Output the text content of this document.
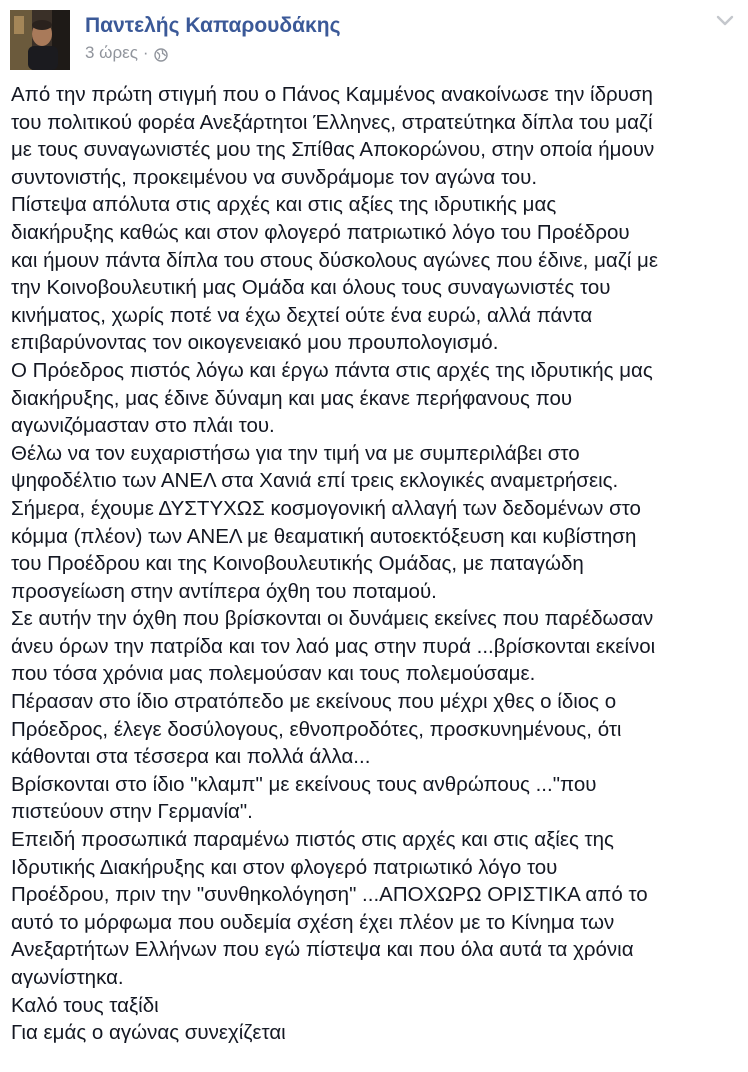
Παντελής Καπαρουδάκης
3 ώρες ·

Από την πρώτη στιγμή που ο Πάνος Καμμένος ανακοίνωσε την ίδρυση

του πολιτικού φορέα Ανεξάρτητοι Έλληνες, στρατεύτηκα δίπλα του μαζί

με τους συναγωνιστές μου της Σπίθας Αποκορώνου, στην οποία ήμουν

συντονιστής, προκειμένου να συνδράμομε τον αγώνα του.

Πίστεψα απόλυτα στις αρχές και στις αξίες της ιδρυτικής μας

διακήρυξης καθώς και στον φλογερό πατριωτικό λόγο του Προέδρου

και ήμουν πάντα δίπλα του στους δύσκολους αγώνες που έδινε, μαζί με

την Κοινοβουλευτική μας Ομάδα και όλους τους συναγωνιστές του

κινήματος, χωρίς ποτέ να έχω δεχτεί ούτε ένα ευρώ, αλλά πάντα

επιβαρύνοντας τον οικογενειακό μου προυπολογισμό.

Ο Πρόεδρος πιστός λόγω και έργω πάντα στις αρχές της ιδρυτικής μας

διακήρυξης, μας έδινε δύναμη και μας έκανε περήφανους που

αγωνιζόμασταν στο πλάι του.

Θέλω να τον ευχαριστήσω για την τιμή να με συμπεριλάβει στο

ψηφοδέλτιο των ΑΝΕΛ στα Χανιά επί τρεις εκλογικές αναμετρήσεις.

Σήμερα, έχουμε ΔΥΣΤΥΧΩΣ κοσμογονική αλλαγή των δεδομένων στο

κόμμα (πλέον) των ΑΝΕΛ με θεαματική αυτοεκτόξευση και κυβίστηση

του Προέδρου και της Κοινοβουλευτικής Ομάδας, με παταγώδη

προσγείωση στην αντίπερα όχθη του ποταμού.

Σε αυτήν την όχθη που βρίσκονται οι δυνάμεις εκείνες που παρέδωσαν

άνευ όρων την πατρίδα και τον λαό μας στην πυρά ...βρίσκονται εκείνοι

που τόσα χρόνια μας πολεμούσαν και τους πολεμούσαμε.

Πέρασαν στο ίδιο στρατόπεδο με εκείνους που μέχρι χθες ο ίδιος ο

Πρόεδρος, έλεγε δοσύλογους, εθνοπροδότες, προσκυνημένους, ότι

κάθονται στα τέσσερα και πολλά άλλα...

Βρίσκονται στο ίδιο "κλαμπ" με εκείνους τους ανθρώπους ..."που

πιστεύουν στην Γερμανία".

Επειδή προσωπικά παραμένω πιστός στις αρχές και στις αξίες της

Ιδρυτικής Διακήρυξης και στον φλογερό πατριωτικό λόγο του

Προέδρου, πριν την "συνθηκολόγηση" ...ΑΠΟΧΩΡΩ ΟΡΙΣΤΙΚΑ από το

αυτό το μόρφωμα που ουδεμία σχέση έχει πλέον με το Κίνημα των

Ανεξαρτήτων Ελλήνων που εγώ πίστεψα και που όλα αυτά τα χρόνια

αγωνίστηκα.

Καλό τους ταξίδι

Για εμάς ο αγώνας συνεχίζεται
